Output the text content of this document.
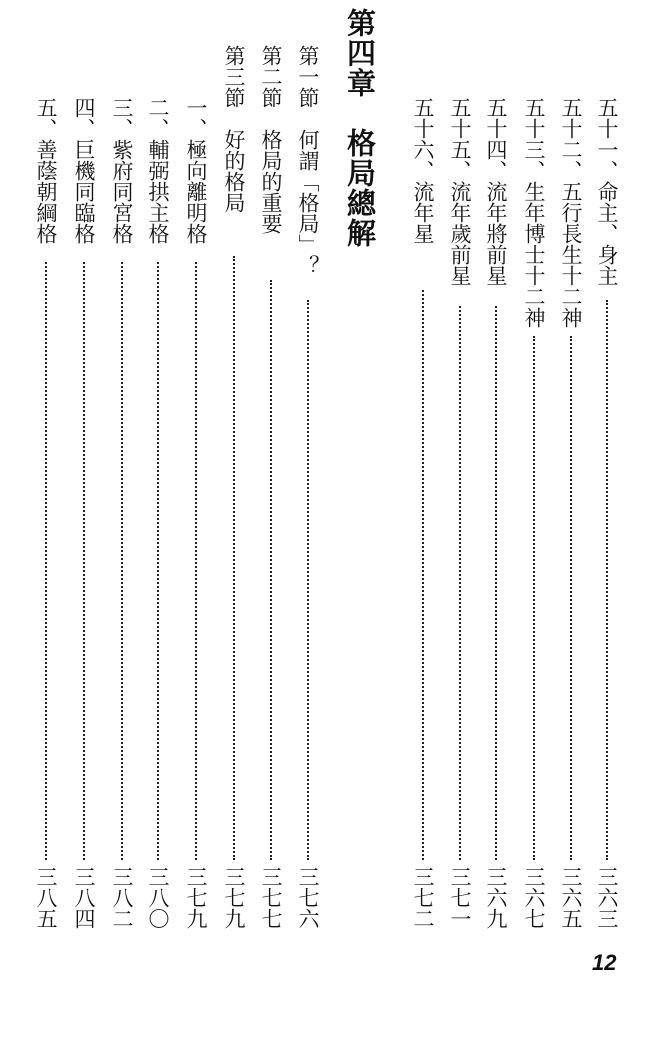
第四章　格局總解	五十一、命主、身主
三六三
五十二、五行長生十二神
三六五
五十三、生年博士十二神
三六七
五十四、流年將前星
三六九
五十五、流年歲前星
三七一
五十六、流年星
三七二
第一節　何謂「格局」？
三七六
第二節　格局的重要
三七七
第三節　好的格局
三七九
一、極向離明格
三七九
二、輔弼拱主格
三八〇
三、紫府同宮格
三八二
四、巨機同臨格
三八四
五、善蔭朝綱格
三八五
12
